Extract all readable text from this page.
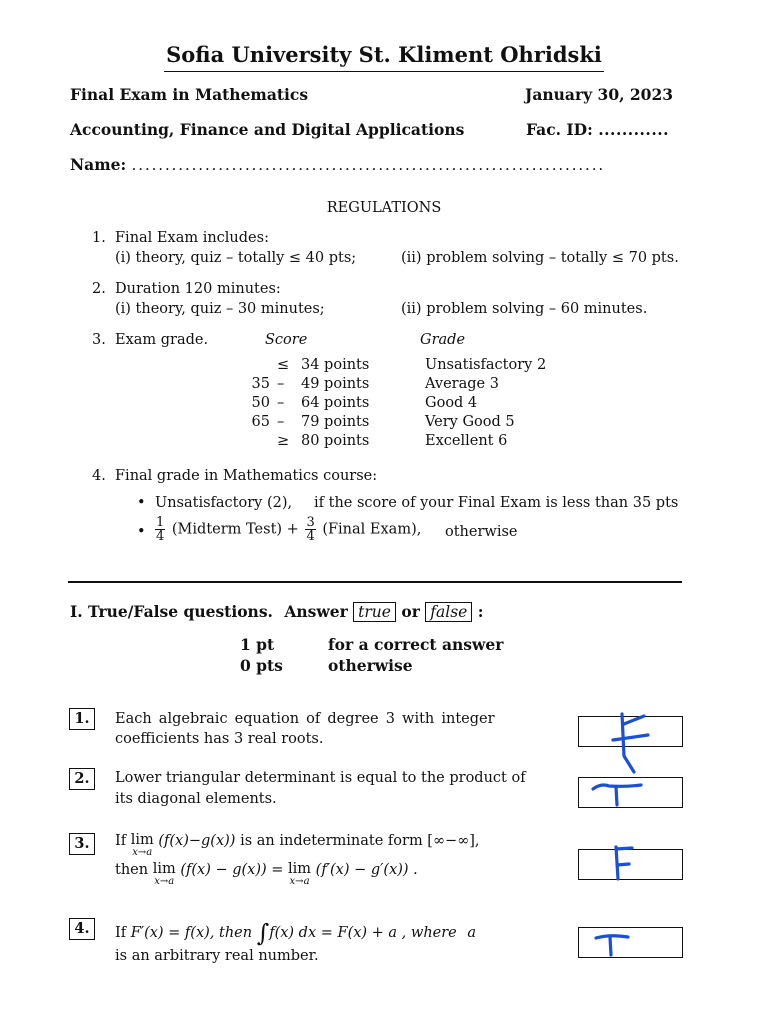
Sofia University St. Kliment Ohridski
Final Exam in Mathematics	January 30, 2023
Accounting, Finance and Digital Applications	Fac. ID: ............
Name: .......................................................................
REGULATIONS
1. Final Exam includes:
(i) theory, quiz – totally ≤ 40 pts;	(ii) problem solving – totally ≤ 70 pts.
2. Duration 120 minutes:
(i) theory, quiz – 30 minutes;	(ii) problem solving – 60 minutes.
3. Exam grade.	Score	Grade
≤ 34 points	Unsatisfactory 2
35 – 49 points	Average 3
50 – 64 points	Good 4
65 – 79 points	Very Good 5
≥ 80 points	Excellent 6
4. Final grade in Mathematics course:
• Unsatisfactory (2), if the score of your Final Exam is less than 35 pts
• $\frac{1}{4}$ (Midterm Test) + $\frac{3}{4}$ (Final Exam), otherwise
I. True/False questions. Answer true or false :
1 pt	for a correct answer
0 pts	otherwise
1.	Each algebraic equation of degree 3 with integer
coefficients has 3 real roots.
2.	Lower triangular determinant is equal to the product of
its diagonal elements.
3.	If lim
x→a
(f(x)−g(x)) is an indeterminate form [∞−∞],
then lim
x→a
(f(x) − g(x)) = lim
x→a
(f′(x) − g′(x)) .
4.	If F′(x) = f(x), then ∫f(x) dx = F(x) + a , where a
is an arbitrary real number.
